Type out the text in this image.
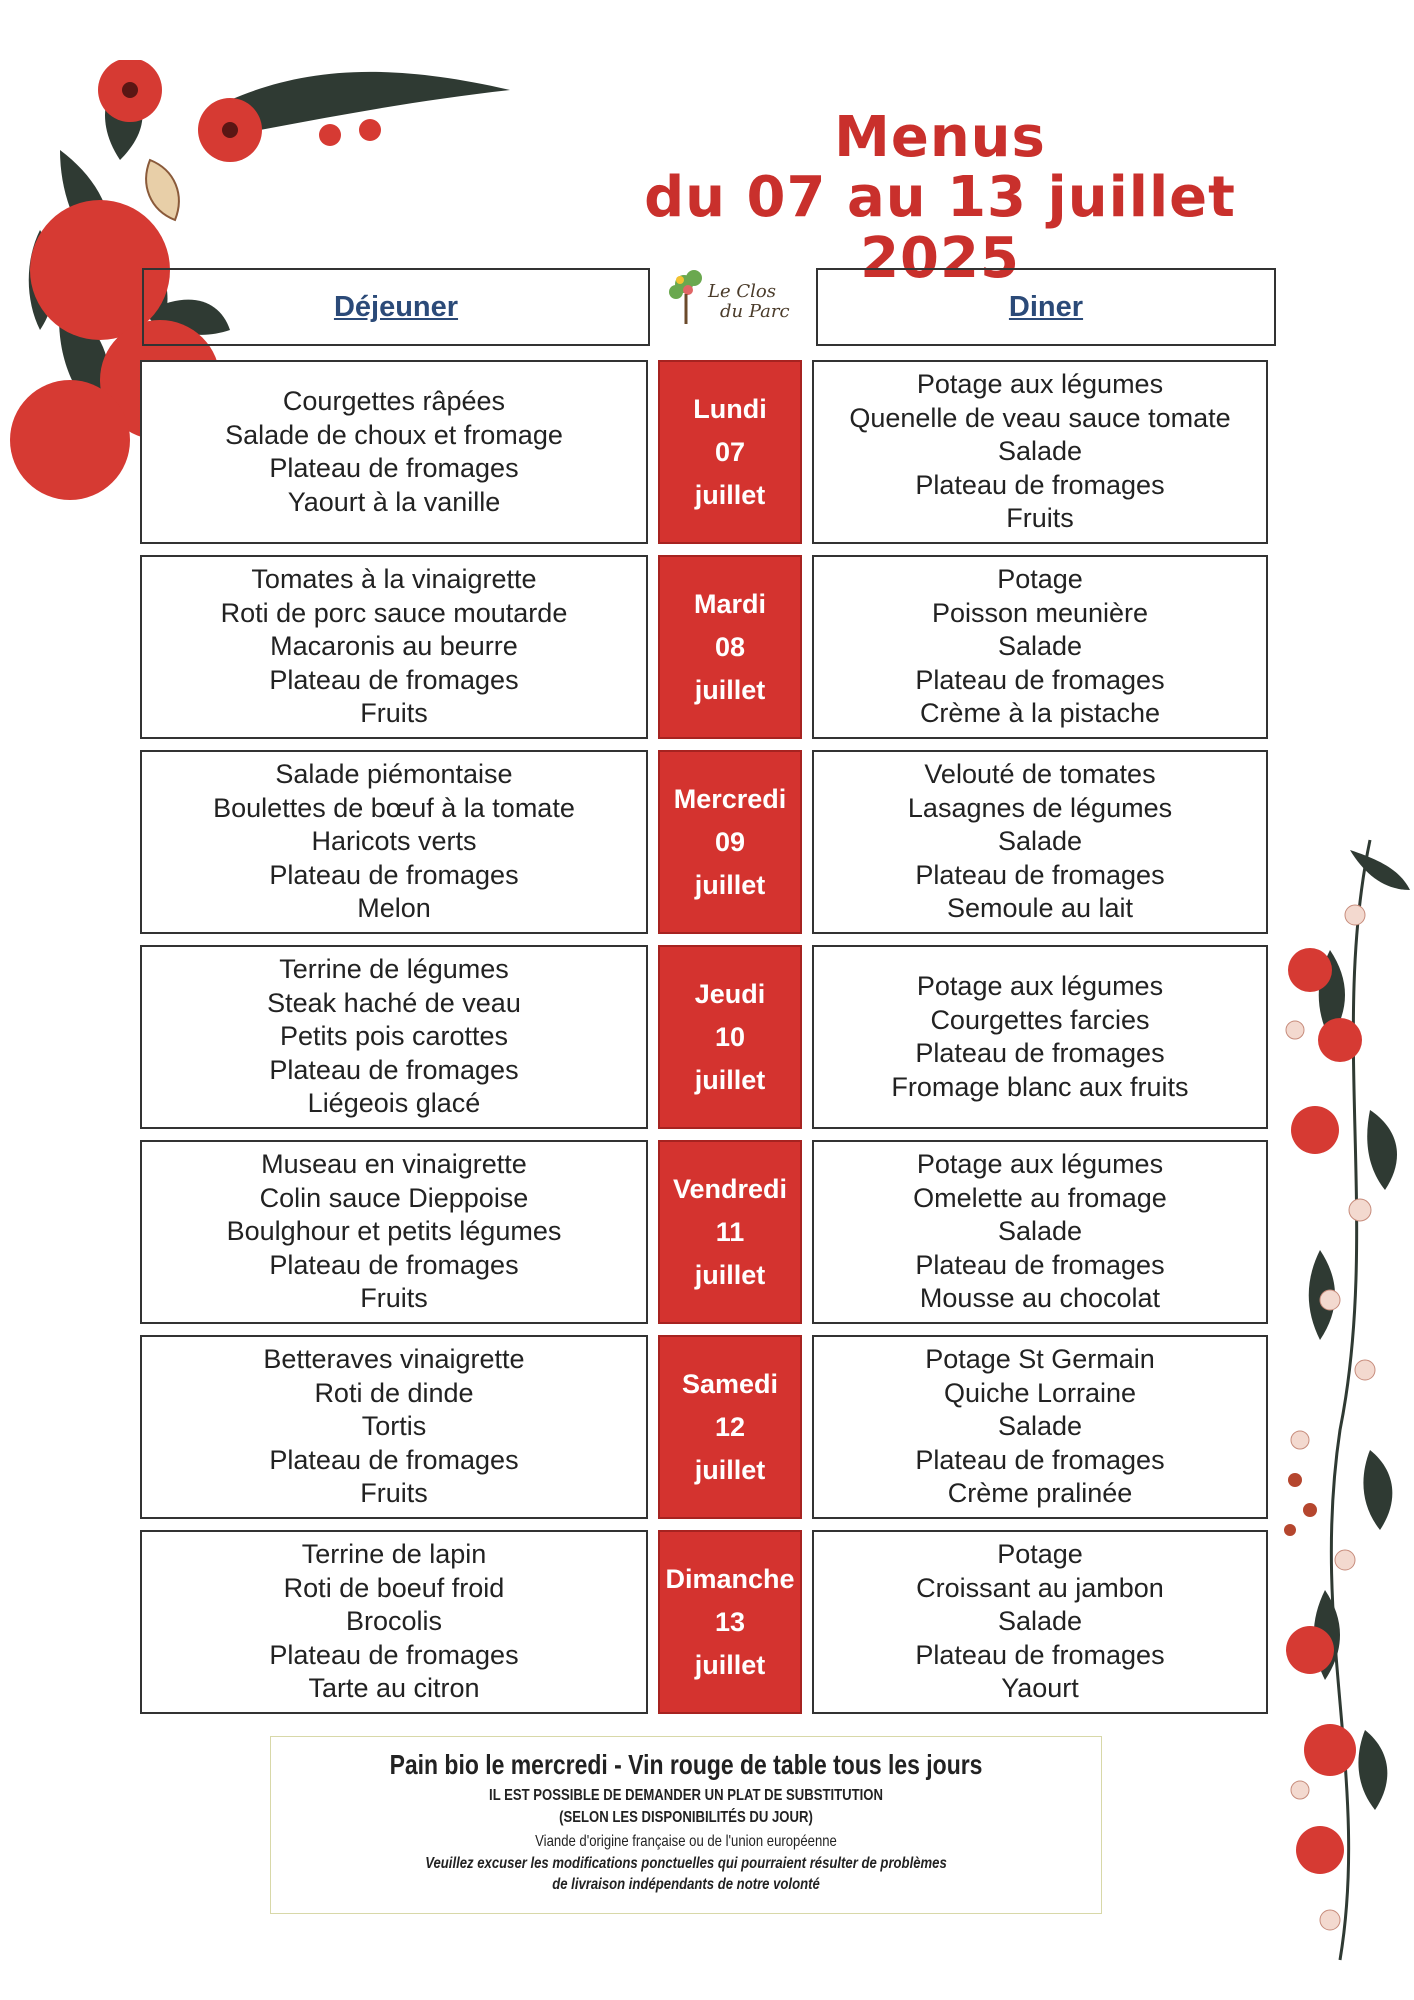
Menus
du 07 au 13 juillet 2025
Déjeuner	Le Clos
du Parc	Diner
Courgettes râpées
Salade de choux et fromage
Plateau de fromages
Yaourt à la vanille
Lundi
07
juillet
Potage aux légumes
Quenelle de veau sauce tomate
Salade
Plateau de fromages
Fruits
Tomates à la vinaigrette
Roti de porc sauce moutarde
Macaronis au beurre
Plateau de fromages
Fruits
Mardi
08
juillet
Potage
Poisson meunière
Salade
Plateau de fromages
Crème à la pistache
Salade piémontaise
Boulettes de bœuf à la tomate
Haricots verts
Plateau de fromages
Melon
Mercredi
09
juillet
Velouté de tomates
Lasagnes de légumes
Salade
Plateau de fromages
Semoule au lait
Terrine de légumes
Steak haché de veau
Petits pois carottes
Plateau de fromages
Liégeois glacé
Jeudi
10
juillet
Potage aux légumes
Courgettes farcies
Plateau de fromages
Fromage blanc aux fruits
Museau en vinaigrette
Colin sauce Dieppoise
Boulghour et petits légumes
Plateau de fromages
Fruits
Vendredi
11
juillet
Potage aux légumes
Omelette au fromage
Salade
Plateau de fromages
Mousse au chocolat
Betteraves vinaigrette
Roti de dinde
Tortis
Plateau de fromages
Fruits
Samedi
12
juillet
Potage St Germain
Quiche Lorraine
Salade
Plateau de fromages
Crème pralinée
Terrine de lapin
Roti de boeuf froid
Brocolis
Plateau de fromages
Tarte au citron
Dimanche
13
juillet
Potage
Croissant au jambon
Salade
Plateau de fromages
Yaourt
Pain bio le mercredi - Vin rouge de table tous les jours
IL EST POSSIBLE DE DEMANDER UN PLAT DE SUBSTITUTION
(SELON LES DISPONIBILITÉS DU JOUR)
Viande d'origine française ou de l'union européenne
Veuillez excuser les modifications ponctuelles qui pourraient résulter de problèmes
de livraison indépendants de notre volonté
